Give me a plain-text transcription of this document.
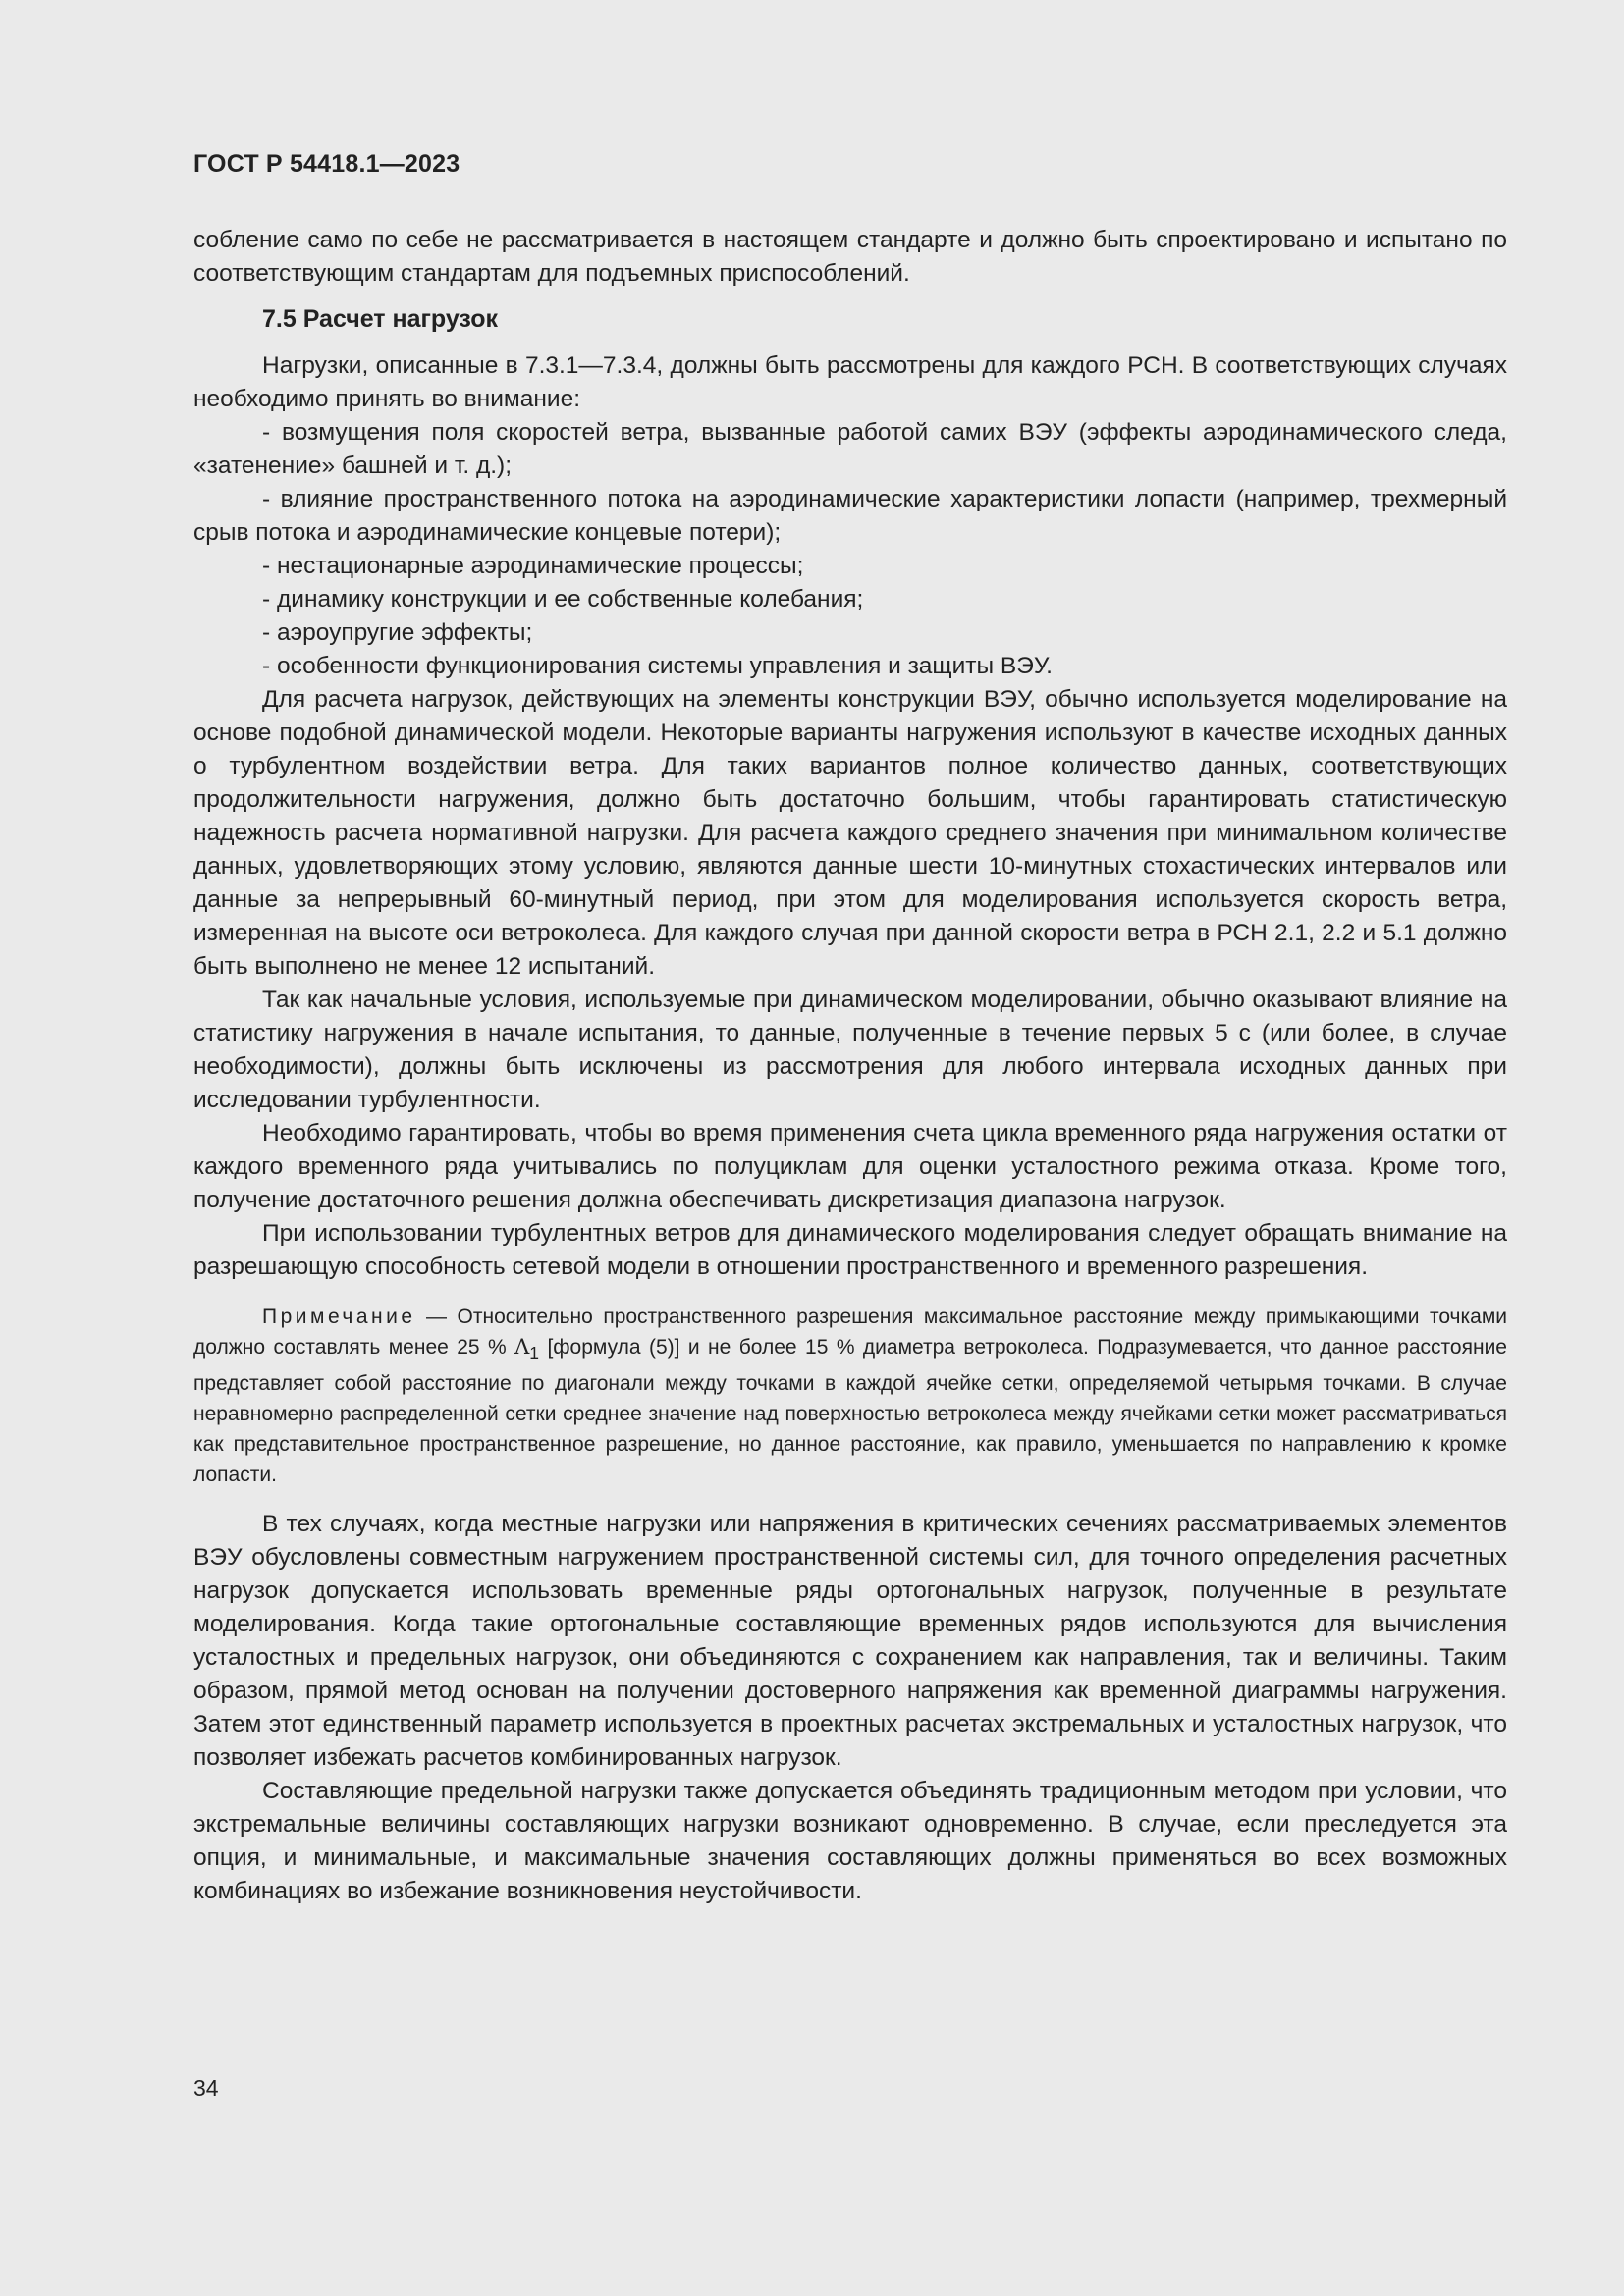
ГОСТ Р 54418.1—2023

собление само по себе не рассматривается в настоящем стандарте и должно быть спроектировано и испытано по соответствующим стандартам для подъемных приспособлений.

7.5 Расчет нагрузок

Нагрузки, описанные в 7.3.1—7.3.4, должны быть рассмотрены для каждого РСН. В соответствующих случаях необходимо принять во внимание:

- возмущения поля скоростей ветра, вызванные работой самих ВЭУ (эффекты аэродинамического следа, «затенение» башней и т. д.);

- влияние пространственного потока на аэродинамические характеристики лопасти (например, трехмерный срыв потока и аэродинамические концевые потери);

- нестационарные аэродинамические процессы;

- динамику конструкции и ее собственные колебания;

- аэроупругие эффекты;

- особенности функционирования системы управления и защиты ВЭУ.

Для расчета нагрузок, действующих на элементы конструкции ВЭУ, обычно используется моделирование на основе подобной динамической модели. Некоторые варианты нагружения используют в качестве исходных данных о турбулентном воздействии ветра. Для таких вариантов полное количество данных, соответствующих продолжительности нагружения, должно быть достаточно большим, чтобы гарантировать статистическую надежность расчета нормативной нагрузки. Для расчета каждого среднего значения при минимальном количестве данных, удовлетворяющих этому условию, являются данные шести 10-минутных стохастических интервалов или данные за непрерывный 60-минутный период, при этом для моделирования используется скорость ветра, измеренная на высоте оси ветроколеса. Для каждого случая при данной скорости ветра в РСН 2.1, 2.2 и 5.1 должно быть выполнено не менее 12 испытаний.

Так как начальные условия, используемые при динамическом моделировании, обычно оказывают влияние на статистику нагружения в начале испытания, то данные, полученные в течение первых 5 с (или более, в случае необходимости), должны быть исключены из рассмотрения для любого интервала исходных данных при исследовании турбулентности.

Необходимо гарантировать, чтобы во время применения счета цикла временного ряда нагружения остатки от каждого временного ряда учитывались по полуциклам для оценки усталостного режима отказа. Кроме того, получение достаточного решения должна обеспечивать дискретизация диапазона нагрузок.

При использовании турбулентных ветров для динамического моделирования следует обращать внимание на разрешающую способность сетевой модели в отношении пространственного и временного разрешения.

Примечание — Относительно пространственного разрешения максимальное расстояние между примыкающими точками должно составлять менее 25 % $\Lambda_1$ [формула (5)] и не более 15 % диаметра ветроколеса. Подразумевается, что данное расстояние представляет собой расстояние по диагонали между точками в каждой ячейке сетки, определяемой четырьмя точками. В случае неравномерно распределенной сетки среднее значение над поверхностью ветроколеса между ячейками сетки может рассматриваться как представительное пространственное разрешение, но данное расстояние, как правило, уменьшается по направлению к кромке лопасти.

В тех случаях, когда местные нагрузки или напряжения в критических сечениях рассматриваемых элементов ВЭУ обусловлены совместным нагружением пространственной системы сил, для точного определения расчетных нагрузок допускается использовать временные ряды ортогональных нагрузок, полученные в результате моделирования. Когда такие ортогональные составляющие временных рядов используются для вычисления усталостных и предельных нагрузок, они объединяются с сохранением как направления, так и величины. Таким образом, прямой метод основан на получении достоверного напряжения как временной диаграммы нагружения. Затем этот единственный параметр используется в проектных расчетах экстремальных и усталостных нагрузок, что позволяет избежать расчетов комбинированных нагрузок.

Составляющие предельной нагрузки также допускается объединять традиционным методом при условии, что экстремальные величины составляющих нагрузки возникают одновременно. В случае, если преследуется эта опция, и минимальные, и максимальные значения составляющих должны применяться во всех возможных комбинациях во избежание возникновения неустойчивости.

34
